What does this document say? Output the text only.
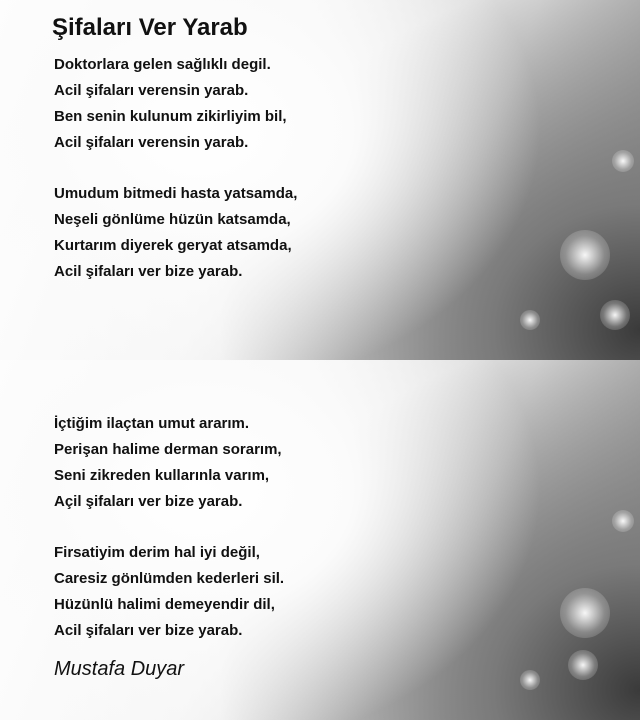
Şifaları Ver Yarab
Doktorlara gelen sağlıklı degil.
Acil şifaları verensin yarab.
Ben senin kulunum zikirliyim bil,
Acil şifaları verensin yarab.
Umudum bitmedi hasta yatsamda,
Neşeli gönlüme hüzün katsamda,
Kurtarım diyerek geryat atsamda,
Acil şifaları ver bize yarab.
İçtiğim ilaçtan umut ararım.
Perişan halime derman sorarım,
Seni zikreden kullarınla varım,
Açil şifaları ver bize yarab.
Firsatiyim derim hal iyi değil,
Caresiz gönlümden kederleri sil.
Hüzünlü halimi demeyendir dil,
Acil şifaları ver bize yarab.
Mustafa Duyar
